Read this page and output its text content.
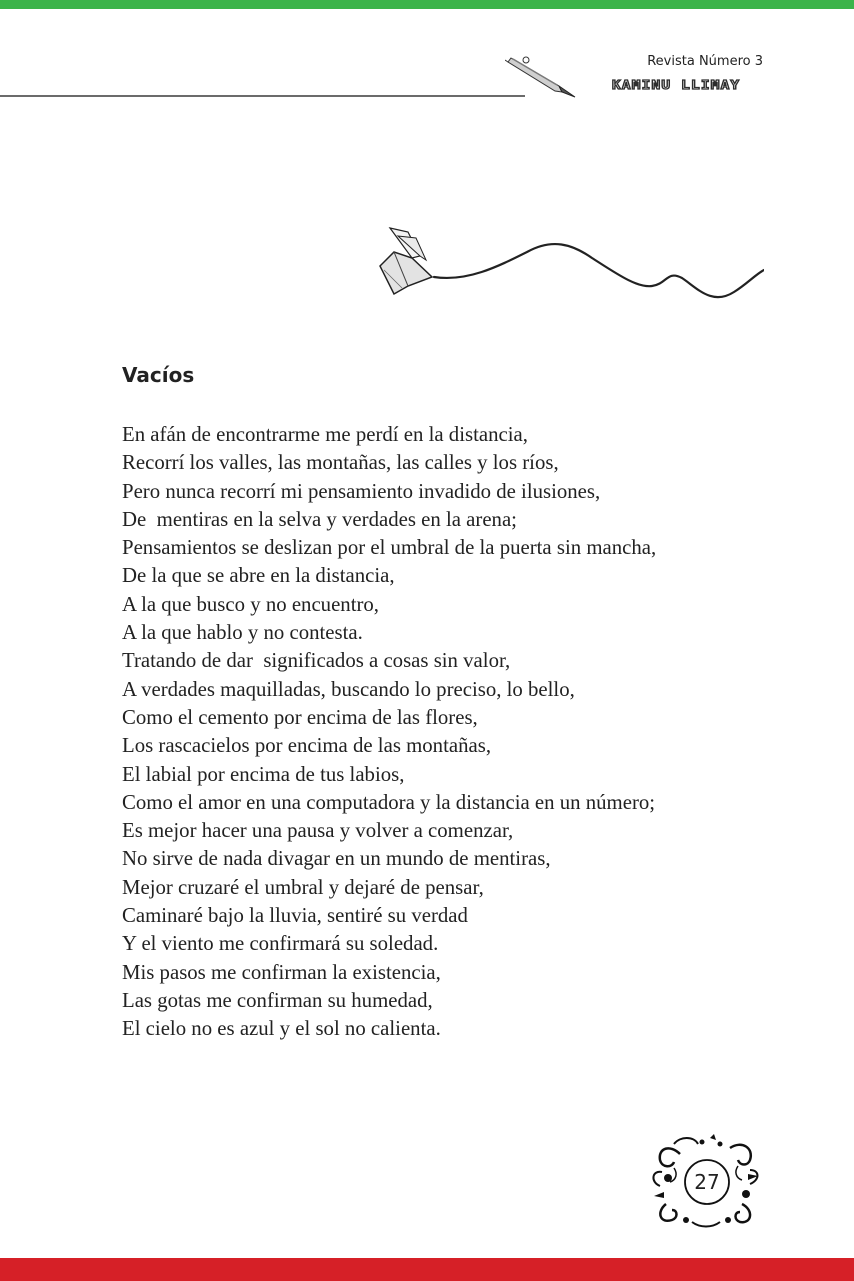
Revista Número 3
KAMINU LLIMAY
Vacíos
En afán de encontrarme me perdí en la distancia,
Recorrí los valles, las montañas, las calles y los ríos,
Pero nunca recorrí mi pensamiento invadido de ilusiones,
De  mentiras en la selva y verdades en la arena;
Pensamientos se deslizan por el umbral de la puerta sin mancha,
De la que se abre en la distancia,
A la que busco y no encuentro,
A la que hablo y no contesta.
Tratando de dar  significados a cosas sin valor,
A verdades maquilladas, buscando lo preciso, lo bello,
Como el cemento por encima de las flores,
Los rascacielos por encima de las montañas,
El labial por encima de tus labios,
Como el amor en una computadora y la distancia en un número;
Es mejor hacer una pausa y volver a comenzar,
No sirve de nada divagar en un mundo de mentiras,
Mejor cruzaré el umbral y dejaré de pensar,
Caminaré bajo la lluvia, sentiré su verdad
Y el viento me confirmará su soledad.
Mis pasos me confirman la existencia,
Las gotas me confirman su humedad,
El cielo no es azul y el sol no calienta.
27
